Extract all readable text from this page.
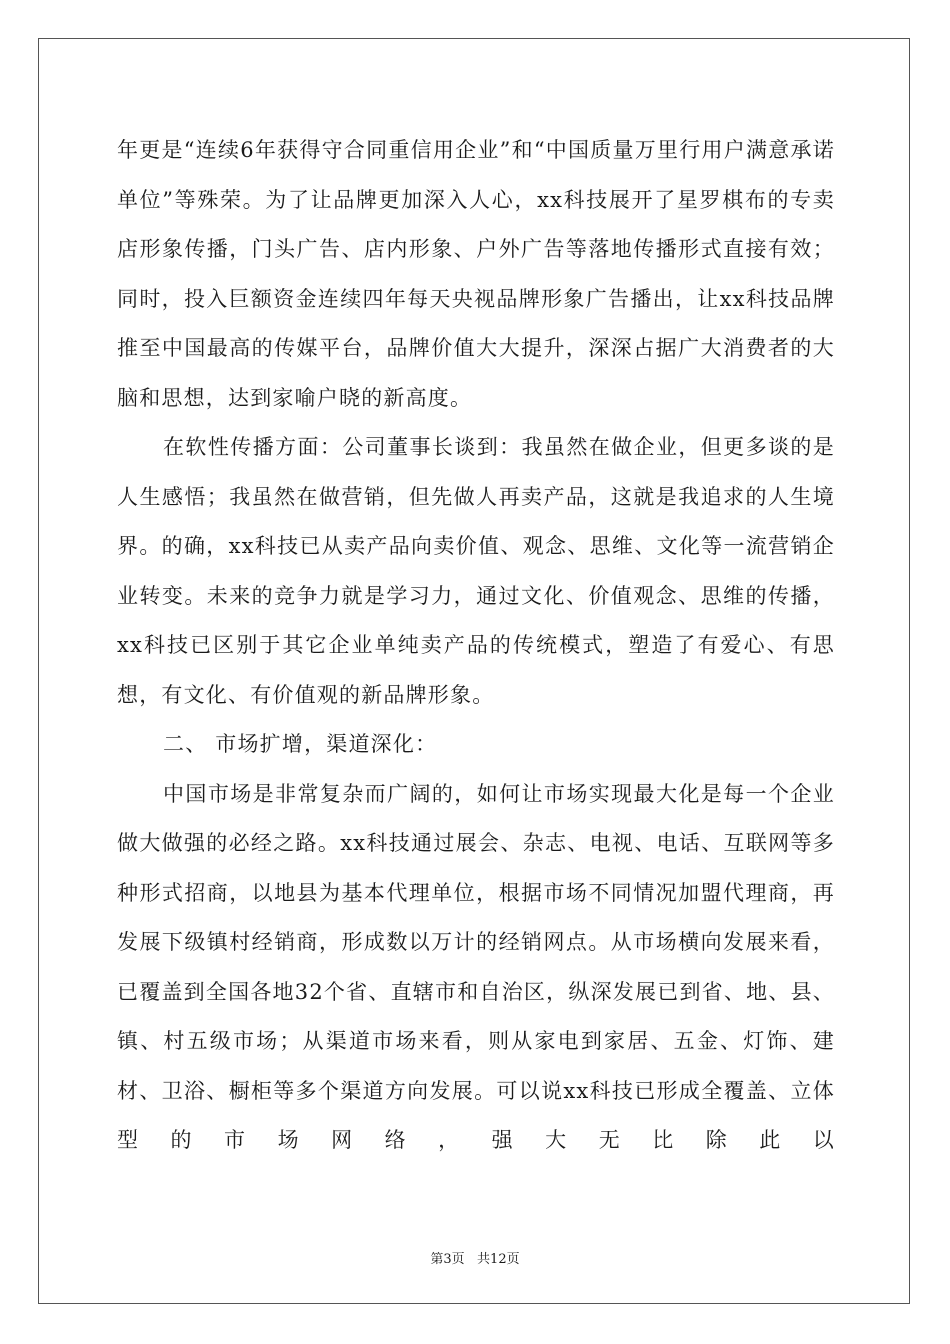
年更是“连续6年获得守合同重信用企业”和“中国质量万里行用户满意承诺单位”等殊荣。为了让品牌更加深入人心，xx科技展开了星罗棋布的专卖店形象传播，门头广告、店内形象、户外广告等落地传播形式直接有效；同时，投入巨额资金连续四年每天央视品牌形象广告播出，让xx科技品牌推至中国最高的传媒平台，品牌价值大大提升，深深占据广大消费者的大脑和思想，达到家喻户晓的新高度。

在软性传播方面：公司董事长谈到：我虽然在做企业，但更多谈的是人生感悟；我虽然在做营销，但先做人再卖产品，这就是我追求的人生境界。的确，xx科技已从卖产品向卖价值、观念、思维、文化等一流营销企业转变。未来的竞争力就是学习力，通过文化、价值观念、思维的传播，xx科技已区别于其它企业单纯卖产品的传统模式，塑造了有爱心、有思想，有文化、有价值观的新品牌形象。

二、 市场扩增，渠道深化：

中国市场是非常复杂而广阔的，如何让市场实现最大化是每一个企业做大做强的必经之路。xx科技通过展会、杂志、电视、电话、互联网等多种形式招商，以地县为基本代理单位，根据市场不同情况加盟代理商，再发展下级镇村经销商，形成数以万计的经销网点。从市场横向发展来看，已覆盖到全国各地32个省、直辖市和自治区，纵深发展已到省、地、县、镇、村五级市场；从渠道市场来看，则从家电到家居、五金、灯饰、建材、卫浴、橱柜等多个渠道方向发展。可以说xx科技已形成全覆盖、立体型的市场网络，强大无比除此以

第3页   共12页
